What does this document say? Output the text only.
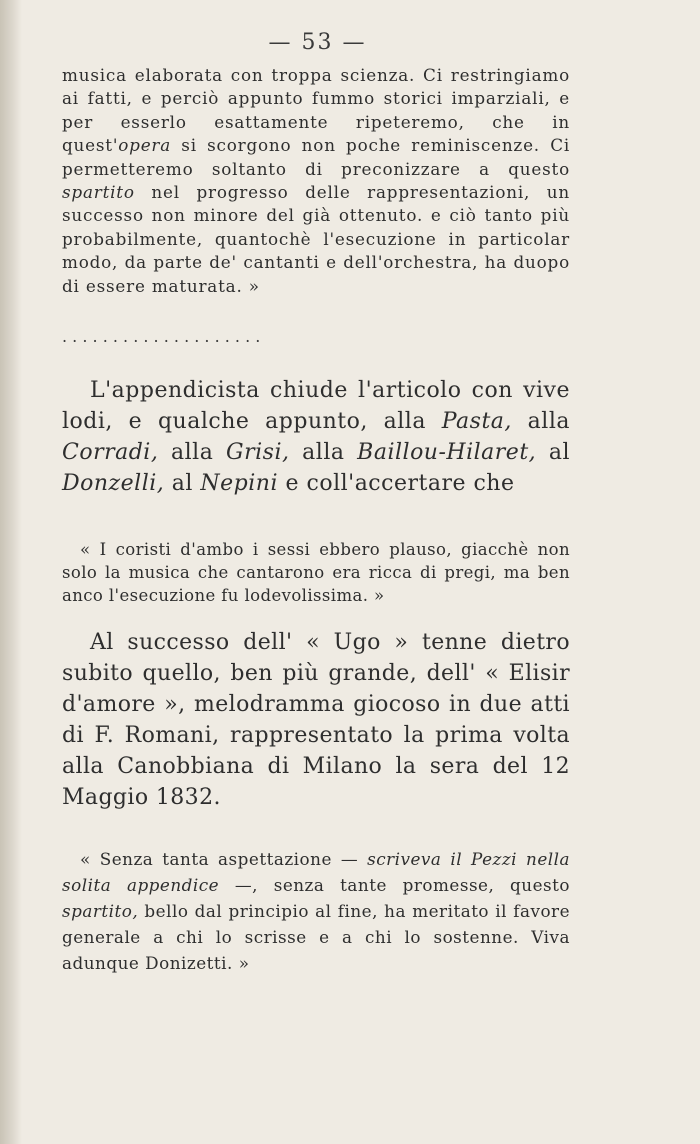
— 53 —

musica elaborata con troppa scienza. Ci restringiamo ai fatti, e perciò appunto fummo storici imparziali, e per esserlo esattamente ripeteremo, che in quest'opera si scorgono non poche reminiscenze. Ci permetteremo soltanto di preconizzare a questo spartito nel progresso delle rappresentazioni, un successo non minore del già ottenuto. e ciò tanto più probabilmente, quantochè l'esecuzione in particolar modo, da parte de' cantanti e dell'orchestra, ha duopo di essere maturata. »

. . . . . . . . . . . . . . . . . . . .

L'appendicista chiude l'articolo con vive lodi, e qualche appunto, alla Pasta, alla Corradi, alla Grisi, alla Baillou-Hilaret, al Donzelli, al Nepini e coll'accertare che

« I coristi d'ambo i sessi ebbero plauso, giacchè non solo la musica che cantarono era ricca di pregi, ma ben anco l'esecuzione fu lodevolissima. »

Al successo dell' « Ugo » tenne dietro subito quello, ben più grande, dell' « Elisir d'amore », melodramma giocoso in due atti di F. Romani, rappresentato la prima volta alla Canobbiana di Milano la sera del 12 Maggio 1832.

« Senza tanta aspettazione — scriveva il Pezzi nella solita appendice —, senza tante promesse, questo spartito, bello dal principio al fine, ha meritato il favore generale a chi lo scrisse e a chi lo sostenne. Viva adunque Donizetti. »
